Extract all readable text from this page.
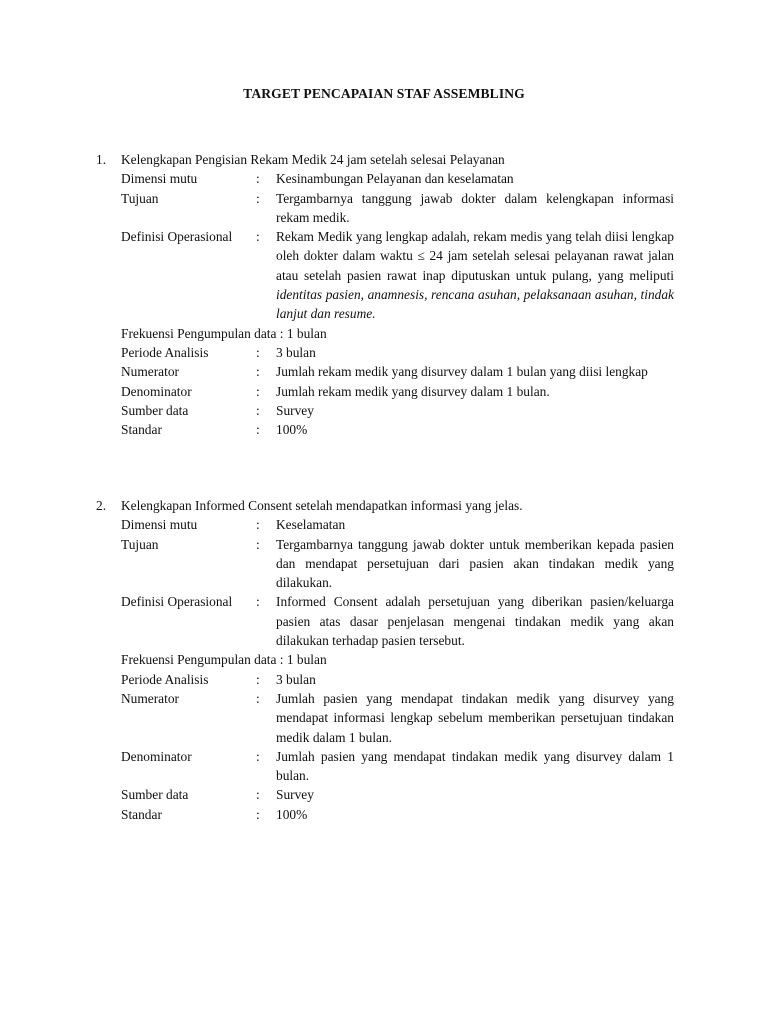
TARGET PENCAPAIAN STAF ASSEMBLING
1. Kelengkapan Pengisian Rekam Medik 24 jam setelah selesai Pelayanan
Dimensi mutu	: Kesinambungan Pelayanan dan keselamatan
Tujuan	: Tergambarnya tanggung jawab dokter dalam kelengkapan informasi rekam medik.
Definisi Operasional : Rekam Medik yang lengkap adalah, rekam medis yang telah diisi lengkap oleh dokter dalam waktu ≤ 24 jam setelah selesai pelayanan rawat jalan atau setelah pasien rawat inap diputuskan untuk pulang, yang meliputi identitas pasien, anamnesis, rencana asuhan, pelaksanaan asuhan, tindak lanjut dan resume.
Frekuensi Pengumpulan data : 1 bulan
Periode Analisis	: 3 bulan
Numerator	: Jumlah rekam medik yang disurvey dalam 1 bulan yang diisi lengkap
Denominator	: Jumlah rekam medik yang disurvey dalam 1 bulan.
Sumber data	: Survey
Standar	: 100%
2. Kelengkapan Informed Consent setelah mendapatkan informasi yang jelas.
Dimensi mutu	: Keselamatan
Tujuan	: Tergambarnya tanggung jawab dokter untuk memberikan kepada pasien dan mendapat persetujuan dari pasien akan tindakan medik yang dilakukan.
Definisi Operasional : Informed Consent adalah persetujuan yang diberikan pasien/keluarga pasien atas dasar penjelasan mengenai tindakan medik yang akan dilakukan terhadap pasien tersebut.
Frekuensi Pengumpulan data : 1 bulan
Periode Analisis	: 3 bulan
Numerator	: Jumlah pasien yang mendapat tindakan medik yang disurvey yang mendapat informasi lengkap sebelum memberikan persetujuan tindakan medik dalam 1 bulan.
Denominator	: Jumlah pasien yang mendapat tindakan medik yang disurvey dalam 1 bulan.
Sumber data	: Survey
Standar	: 100%
